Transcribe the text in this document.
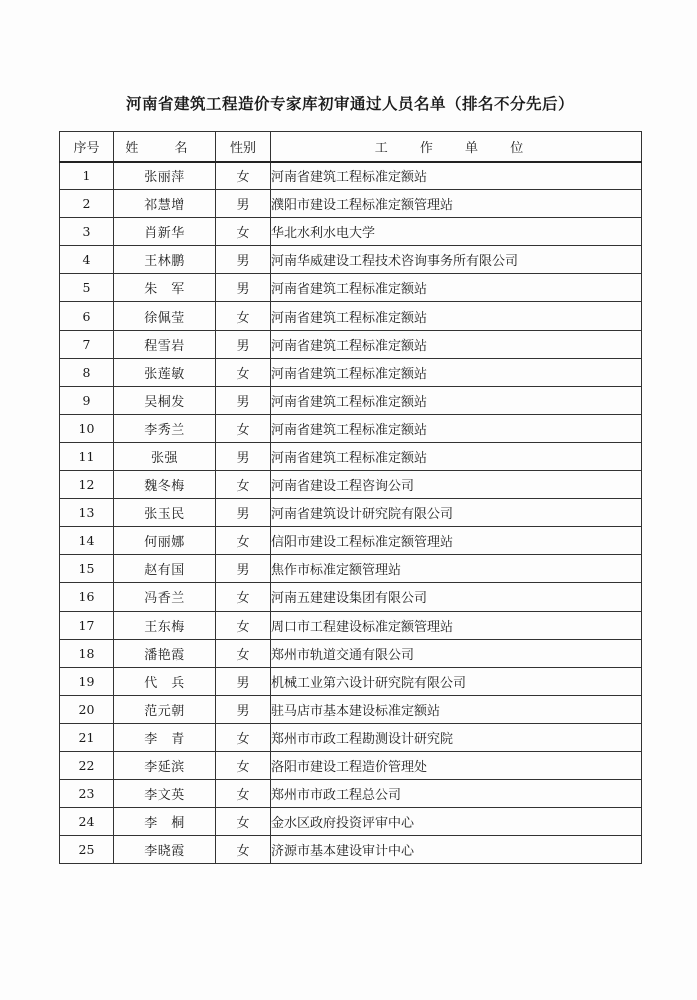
河南省建筑工程造价专家库初审通过人员名单（排名不分先后）
序号	姓 名	性别	工 作 单 位
1	张丽萍	女	河南省建筑工程标准定额站
2	祁慧增	男	濮阳市建设工程标准定额管理站
3	肖新华	女	华北水利水电大学
4	王林鹏	男	河南华威建设工程技术咨询事务所有限公司
5	朱　军	男	河南省建筑工程标准定额站
6	徐佩莹	女	河南省建筑工程标准定额站
7	程雪岩	男	河南省建筑工程标准定额站
8	张莲敏	女	河南省建筑工程标准定额站
9	吴桐发	男	河南省建筑工程标准定额站
10	李秀兰	女	河南省建筑工程标准定额站
11	张强	男	河南省建筑工程标准定额站
12	魏冬梅	女	河南省建设工程咨询公司
13	张玉民	男	河南省建筑设计研究院有限公司
14	何丽娜	女	信阳市建设工程标准定额管理站
15	赵有国	男	焦作市标准定额管理站
16	冯香兰	女	河南五建建设集团有限公司
17	王东梅	女	周口市工程建设标准定额管理站
18	潘艳霞	女	郑州市轨道交通有限公司
19	代　兵	男	机械工业第六设计研究院有限公司
20	范元朝	男	驻马店市基本建设标准定额站
21	李　青	女	郑州市市政工程勘测设计研究院
22	李延滨	女	洛阳市建设工程造价管理处
23	李文英	女	郑州市市政工程总公司
24	李　桐	女	金水区政府投资评审中心
25	李晓霞	女	济源市基本建设审计中心
